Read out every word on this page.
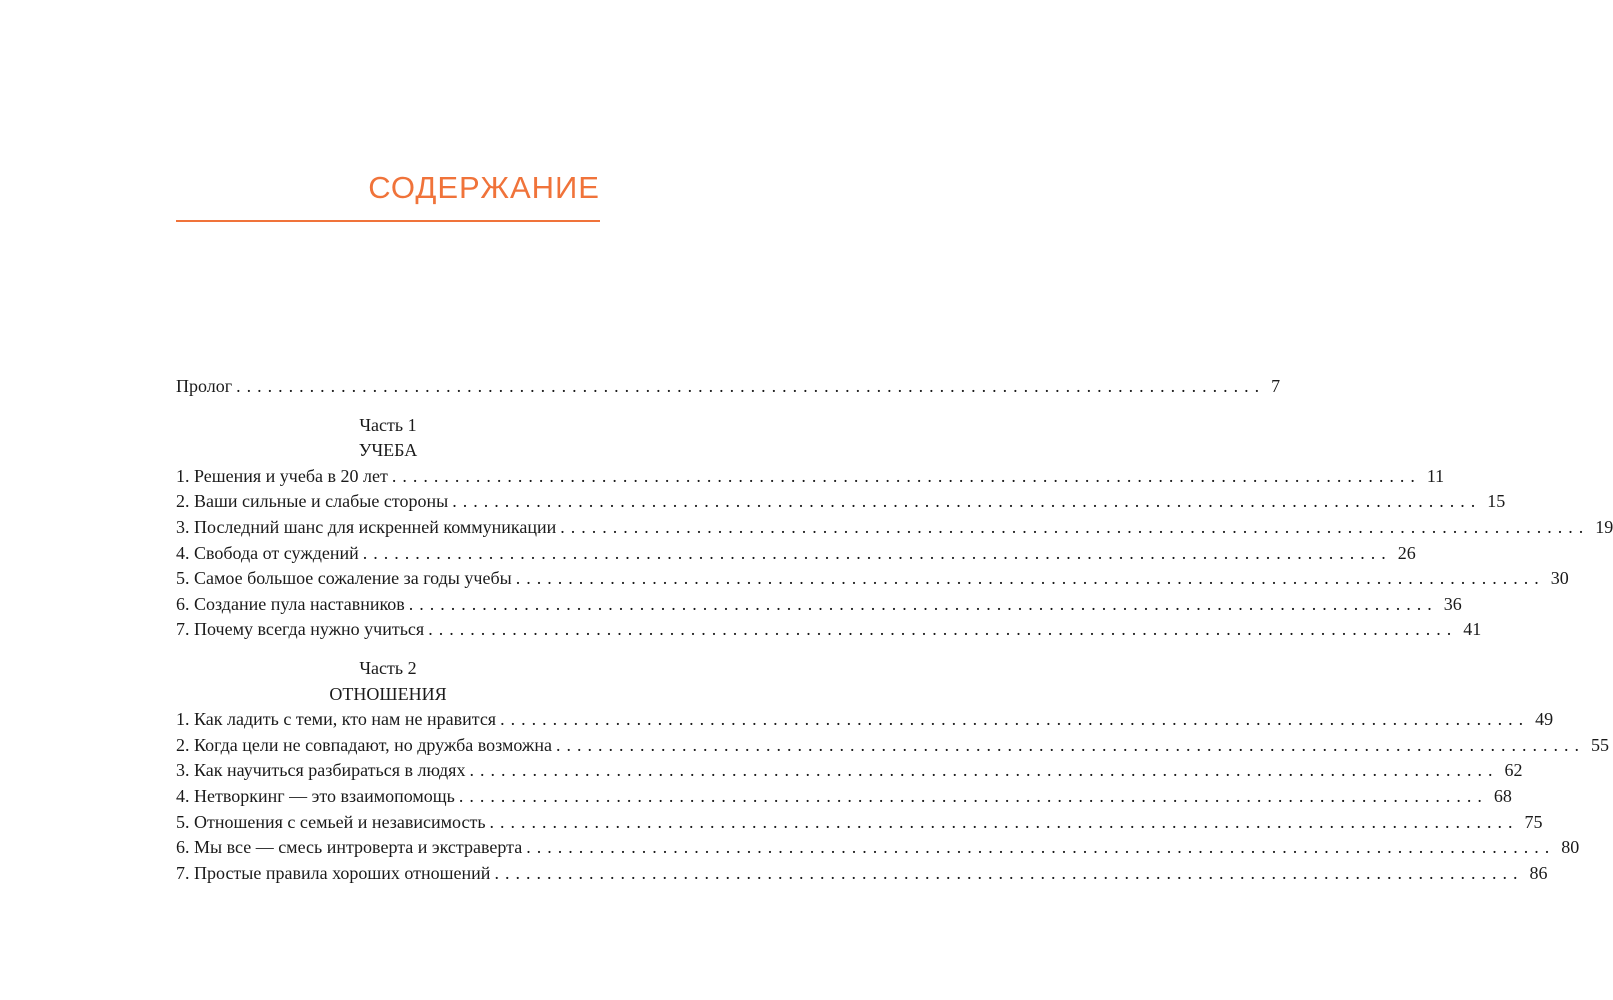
СОДЕРЖАНИЕ
Пролог .................................................................................................. 7
Часть 1
УЧЕБА
1. Решения и учеба в 20 лет .................................................................................................. 11
2. Ваши сильные и слабые стороны .................................................................................................. 15
3. Последний шанс для искренней коммуникации .................................................................................................. 19
4. Свобода от суждений .................................................................................................. 26
5. Самое большое сожаление за годы учебы .................................................................................................. 30
6. Создание пула наставников .................................................................................................. 36
7. Почему всегда нужно учиться .................................................................................................. 41
Часть 2
ОТНОШЕНИЯ
1. Как ладить с теми, кто нам не нравится .................................................................................................. 49
2. Когда цели не совпадают, но дружба возможна .................................................................................................. 55
3. Как научиться разбираться в людях .................................................................................................. 62
4. Нетворкинг — это взаимопомощь .................................................................................................. 68
5. Отношения с семьей и независимость .................................................................................................. 75
6. Мы все — смесь интроверта и экстраверта .................................................................................................. 80
7. Простые правила хороших отношений .................................................................................................. 86
